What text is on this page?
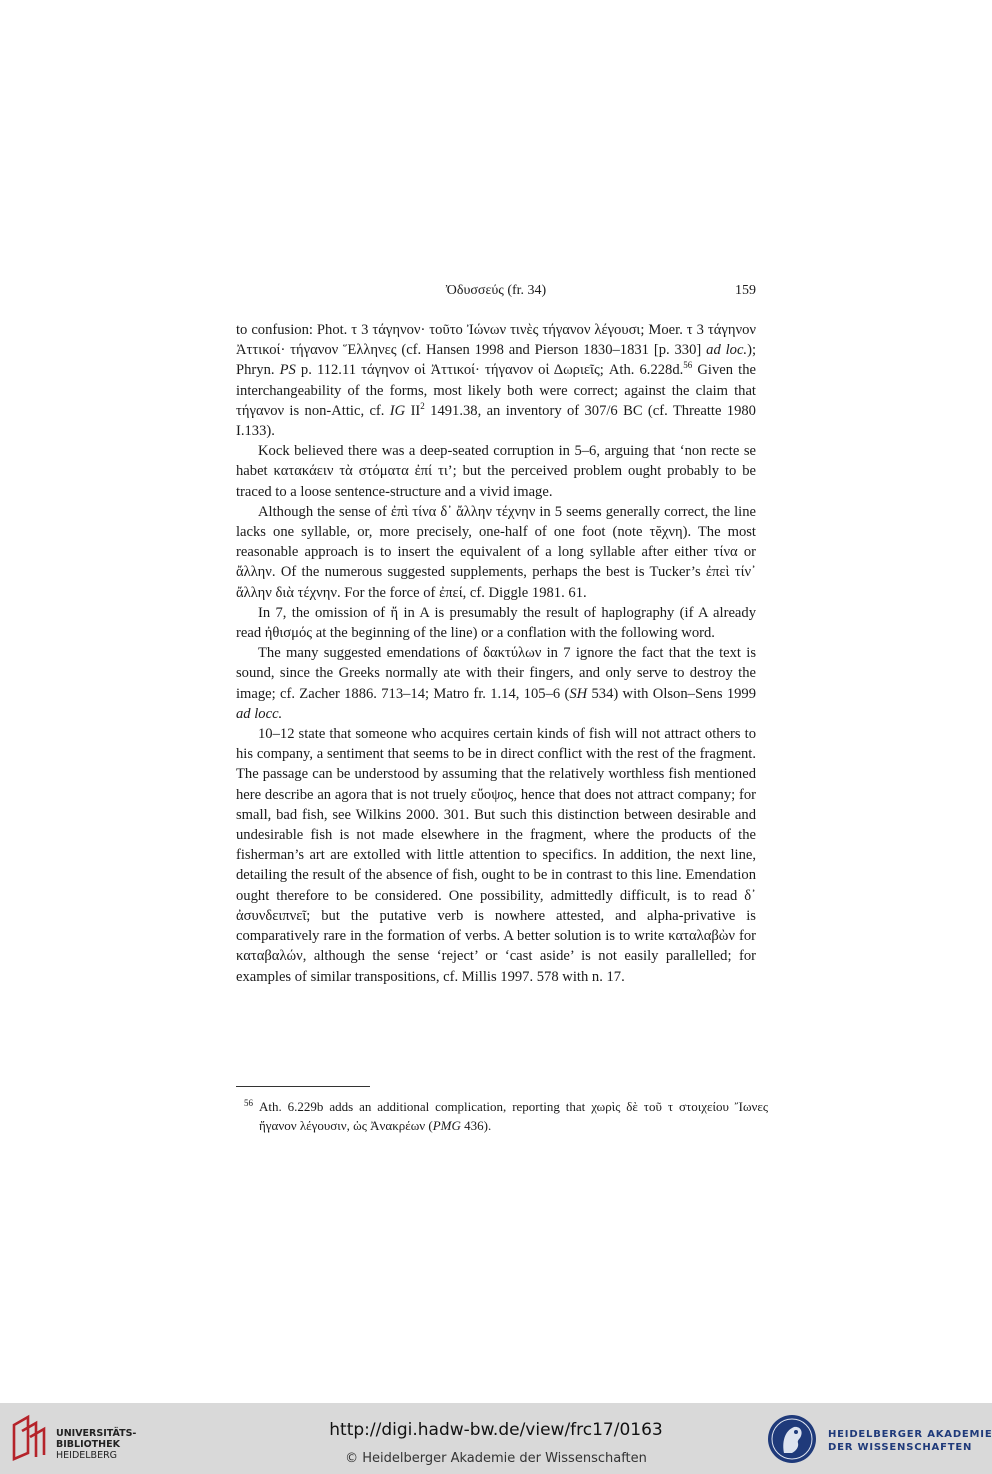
Ὀδυσσεύς (fr. 34)	159

to confusion: Phot. τ 3 τάγηνον· τοῦτο Ἰώνων τινὲς τήγανον λέγουσι; Moer. τ 3 τάγηνον Ἀττικοί· τήγανον Ἕλληνες (cf. Hansen 1998 and Pierson 1830–1831 [p. 330] ad loc.); Phryn. PS p. 112.11 τάγηνον οἱ Ἀττικοί· τήγανον οἱ Δωριεῖς; Ath. 6.228d.$^{56}$ Given the interchangeability of the forms, most likely both were correct; against the claim that τήγανον is non-Attic, cf. IG $II^2$ 1491.38, an inventory of 307/6 BC (cf. Threatte 1980 I.133).

Kock believed there was a deep-seated corruption in 5–6, arguing that ‘non recte se habet κατακάειν τὰ στόματα ἐπί τι’; but the perceived problem ought probably to be traced to a loose sentence-structure and a vivid image.

Although the sense of ἐπὶ τίνα δ᾽ ἄλλην τέχνην in 5 seems generally correct, the line lacks one syllable, or, more precisely, one-half of one foot (note τĕχνη). The most reasonable approach is to insert the equivalent of a long syllable after either τίνα or ἄλλην. Of the numerous suggested supplements, perhaps the best is Tucker’s ἐπεὶ τίν᾽ ἄλλην διὰ τέχνην. For the force of ἐπεί, cf. Diggle 1981. 61.

In 7, the omission of ἤ in A is presumably the result of haplography (if A already read ἠθισμός at the beginning of the line) or a conflation with the following word.

The many suggested emendations of δακτύλων in 7 ignore the fact that the text is sound, since the Greeks normally ate with their fingers, and only serve to destroy the image; cf. Zacher 1886. 713–14; Matro fr. 1.14, 105–6 (SH 534) with Olson–Sens 1999 ad locc.

10–12 state that someone who acquires certain kinds of fish will not attract others to his company, a sentiment that seems to be in direct conflict with the rest of the fragment. The passage can be understood by assuming that the relatively worthless fish mentioned here describe an agora that is not truely εὔοψος, hence that does not attract company; for small, bad fish, see Wilkins 2000. 301. But such this distinction between desirable and undesirable fish is not made elsewhere in the fragment, where the products of the fisherman’s art are extolled with little attention to specifics. In addition, the next line, detailing the result of the absence of fish, ought to be in contrast to this line. Emendation ought therefore to be considered. One possibility, admittedly difficult, is to read δ᾽ ἀσυνδειπνεῖ; but the putative verb is nowhere attested, and alpha-privative is comparatively rare in the formation of verbs. A better solution is to write καταλαβὼν for καταβαλών, although the sense ‘reject’ or ‘cast aside’ is not easily parallelled; for examples of similar transpositions, cf. Millis 1997. 578 with n. 17.

56 Ath. 6.229b adds an additional complication, reporting that χωρὶς δὲ τοῦ τ στοιχείου Ἴωνες ἤγανον λέγουσιν, ὡς Ἀνακρέων (PMG 436).
UNIVERSITÄTS-
BIBLIOTHEK
HEIDELBERG
http://digi.hadw-bw.de/view/frc17/0163
© Heidelberger Akademie der Wissenschaften
HEIDELBERGER AKADEMIE
DER WISSENSCHAFTEN
